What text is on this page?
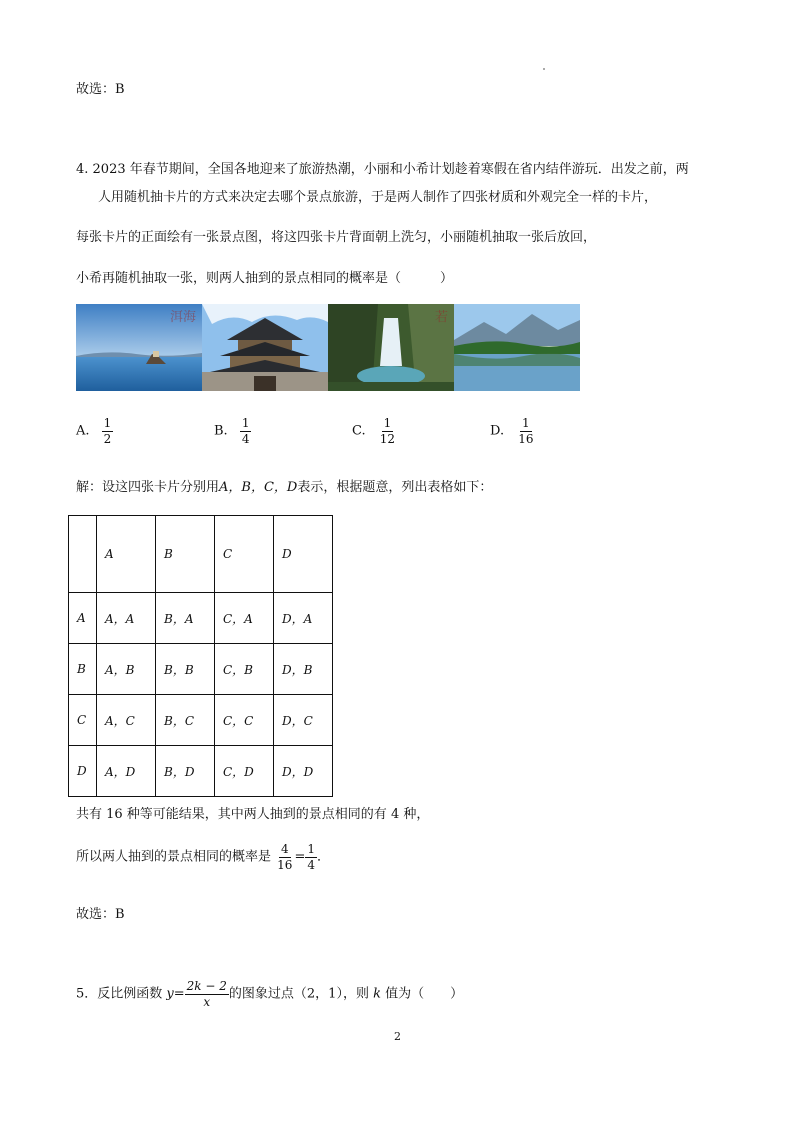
故选：B
4. 2023 年春节期间，全国各地迎来了旅游热潮，小丽和小希计划趁着寒假在省内结伴游玩．出发之前，两
人用随机抽卡片的方式来决定去哪个景点旅游，于是两人制作了四张材质和外观完全一样的卡片，
每张卡片的正面绘有一张景点图，将这四张卡片背面朝上洗匀，小丽随机抽取一张后放回，
小希再随机抽取一张，则两人抽到的景点相同的概率是（　　　）
洱海	若
A. $\frac{1}{2}$	B. $\frac{1}{4}$	C. $\frac{1}{12}$	D. $\frac{1}{16}$
解：设这四张卡片分别用A，B，C，D表示，根据题意，列出表格如下：
	A	B	C	D
A	A，A	B，A	C，A	D，A
B	A，B	B，B	C，B	D，B
C	A，C	B，C	C，C	D，C
D	A，D	B，D	C，D	D，D
共有 16 种等可能结果，其中两人抽到的景点相同的有 4 种，
所以两人抽到的景点相同的概率是 $\frac{4}{16} = \frac{1}{4}$ ．
故选：B
5．反比例函数 $y= \frac{2k - 2}{x}$ 的图象过点（2，1），则 k 值为（　　）
2
